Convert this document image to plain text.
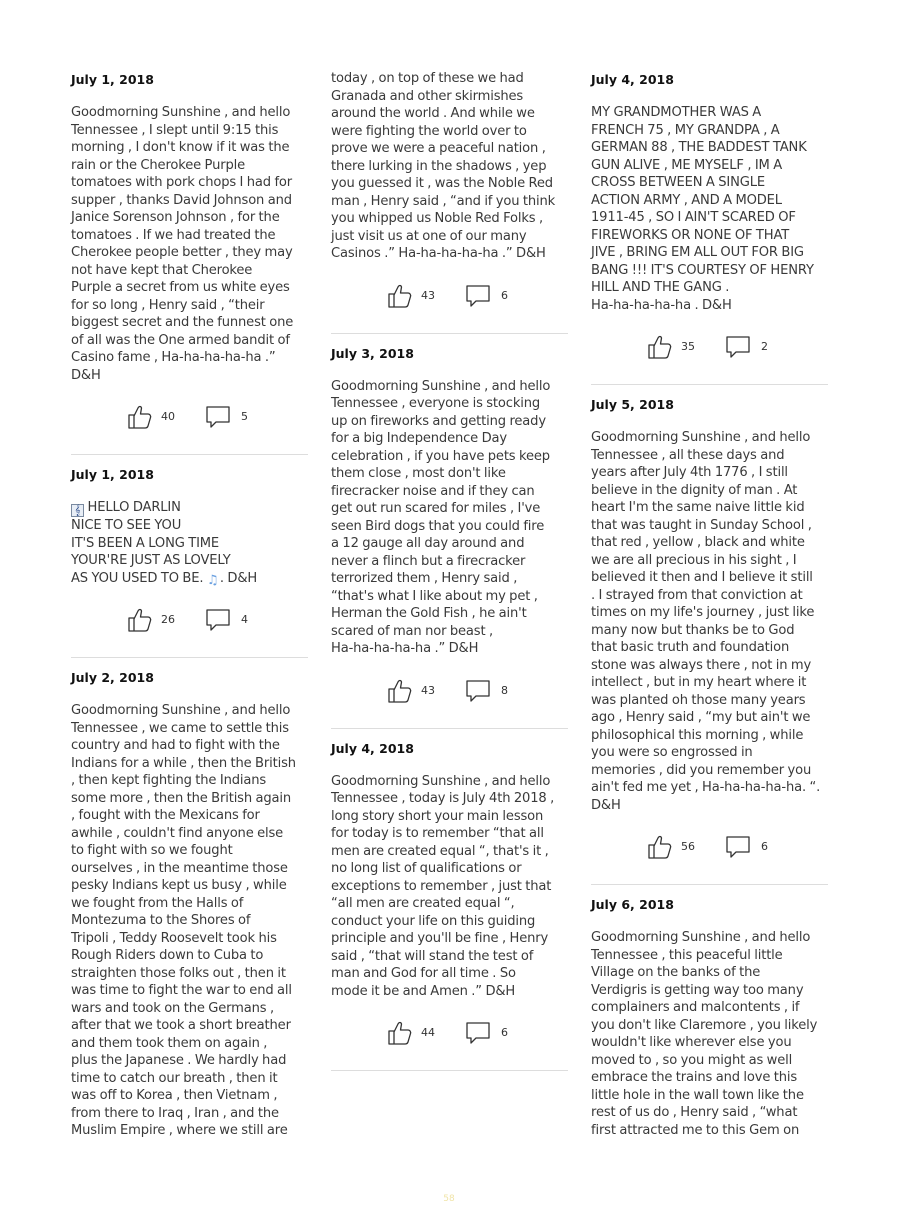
July 1, 2018
Goodmorning Sunshine , and hello
Tennessee , I slept until 9:15 this
morning , I don't know if it was the
rain or the Cherokee Purple
tomatoes with pork chops I had for
supper , thanks David Johnson and
Janice Sorenson Johnson , for the
tomatoes . If we had treated the
Cherokee people better , they may
not have kept that Cherokee
Purple a secret from us white eyes
for so long , Henry said , “their
biggest secret and the funnest one
of all was the One armed bandit of
Casino fame , Ha-ha-ha-ha-ha .”
D&H
40	5
July 1, 2018
𝄞 HELLO DARLIN
NICE TO SEE YOU
IT'S BEEN A LONG TIME
YOUR'RE JUST AS LOVELY
AS YOU USED TO BE. ♫. D&H
26	4
July 2, 2018
Goodmorning Sunshine , and hello
Tennessee , we came to settle this
country and had to fight with the
Indians for a while , then the British
, then kept fighting the Indians
some more , then the British again
, fought with the Mexicans for
awhile , couldn't find anyone else
to fight with so we fought
ourselves , in the meantime those
pesky Indians kept us busy , while
we fought from the Halls of
Montezuma to the Shores of
Tripoli , Teddy Roosevelt took his
Rough Riders down to Cuba to
straighten those folks out , then it
was time to fight the war to end all
wars and took on the Germans ,
after that we took a short breather
and them took them on again ,
plus the Japanese . We hardly had
time to catch our breath , then it
was off to Korea , then Vietnam ,
from there to Iraq , Iran , and the
Muslim Empire , where we still are
today , on top of these we had
Granada and other skirmishes
around the world . And while we
were fighting the world over to
prove we were a peaceful nation ,
there lurking in the shadows , yep
you guessed it , was the Noble Red
man , Henry said , “and if you think
you whipped us Noble Red Folks ,
just visit us at one of our many
Casinos .” Ha-ha-ha-ha-ha .” D&H
43	6
July 3, 2018
Goodmorning Sunshine , and hello
Tennessee , everyone is stocking
up on fireworks and getting ready
for a big Independence Day
celebration , if you have pets keep
them close , most don't like
firecracker noise and if they can
get out run scared for miles , I've
seen Bird dogs that you could fire
a 12 gauge all day around and
never a flinch but a firecracker
terrorized them , Henry said ,
“that's what I like about my pet ,
Herman the Gold Fish , he ain't
scared of man nor beast ,
Ha-ha-ha-ha-ha .” D&H
43	8
July 4, 2018
Goodmorning Sunshine , and hello
Tennessee , today is July 4th 2018 ,
long story short your main lesson
for today is to remember “that all
men are created equal “, that's it ,
no long list of qualifications or
exceptions to remember , just that
“all men are created equal “,
conduct your life on this guiding
principle and you'll be fine , Henry
said , “that will stand the test of
man and God for all time . So
mode it be and Amen .” D&H
44	6
July 4, 2018
MY GRANDMOTHER WAS A
FRENCH 75 , MY GRANDPA , A
GERMAN 88 , THE BADDEST TANK
GUN ALIVE , ME MYSELF , IM A
CROSS BETWEEN A SINGLE
ACTION ARMY , AND A MODEL
1911-45 , SO I AIN'T SCARED OF
FIREWORKS OR NONE OF THAT
JIVE , BRING EM ALL OUT FOR BIG
BANG !!! IT'S COURTESY OF HENRY
HILL AND THE GANG .
Ha-ha-ha-ha-ha . D&H
35	2
July 5, 2018
Goodmorning Sunshine , and hello
Tennessee , all these days and
years after July 4th 1776 , I still
believe in the dignity of man . At
heart I'm the same naive little kid
that was taught in Sunday School ,
that red , yellow , black and white
we are all precious in his sight , I
believed it then and I believe it still
. I strayed from that conviction at
times on my life's journey , just like
many now but thanks be to God
that basic truth and foundation
stone was always there , not in my
intellect , but in my heart where it
was planted oh those many years
ago , Henry said , “my but ain't we
philosophical this morning , while
you were so engrossed in
memories , did you remember you
ain't fed me yet , Ha-ha-ha-ha-ha. “.
D&H
56	6
July 6, 2018
Goodmorning Sunshine , and hello
Tennessee , this peaceful little
Village on the banks of the
Verdigris is getting way too many
complainers and malcontents , if
you don't like Claremore , you likely
wouldn't like wherever else you
moved to , so you might as well
embrace the trains and love this
little hole in the wall town like the
rest of us do , Henry said , “what
first attracted me to this Gem on
58
